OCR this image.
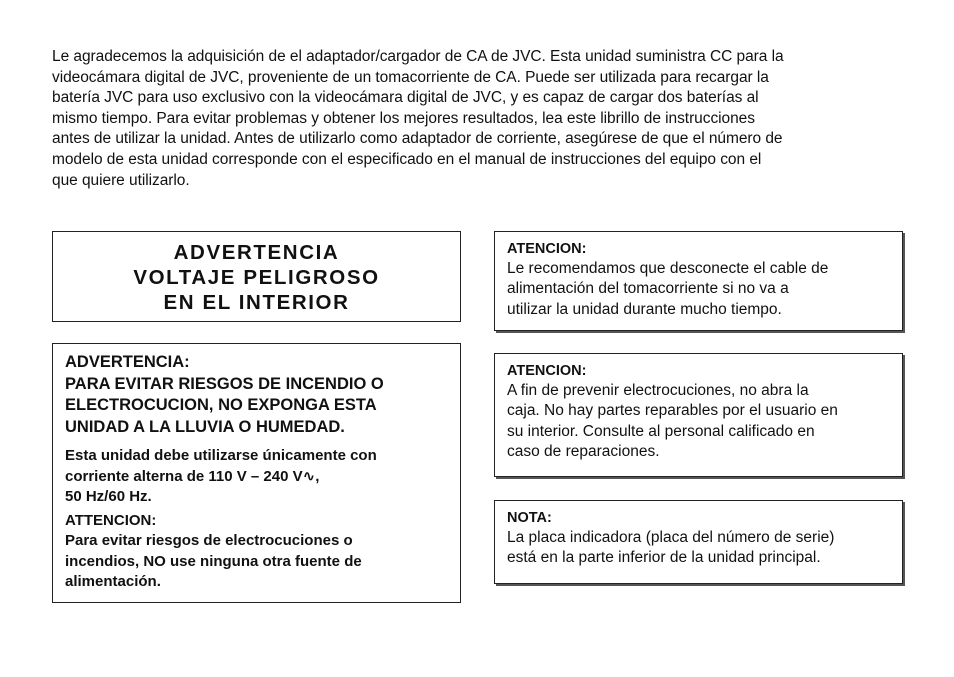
Le agradecemos la adquisición de el adaptador/cargador de CA de JVC. Esta unidad suministra CC para la
videocámara digital de JVC, proveniente de un tomacorriente de CA. Puede ser utilizada para recargar la
batería JVC para uso exclusivo con la videocámara digital de JVC, y es capaz de cargar dos baterías al
mismo tiempo. Para evitar problemas y obtener los mejores resultados, lea este librillo de instrucciones
antes de utilizar la unidad. Antes de utilizarlo como adaptador de corriente, asegúrese de que el número de
modelo de esta unidad corresponde con el especificado en el manual de instrucciones del equipo con el
que quiere utilizarlo.
ADVERTENCIA
VOLTAJE PELIGROSO
EN EL INTERIOR
ADVERTENCIA:
PARA EVITAR RIESGOS DE INCENDIO O
ELECTROCUCION, NO EXPONGA ESTA
UNIDAD A LA LLUVIA O HUMEDAD.
Esta unidad debe utilizarse únicamente con
corriente alterna de 110 V – 240 V∿,
50 Hz/60 Hz.
ATTENCION:
Para evitar riesgos de electrocuciones o
incendios, NO use ninguna otra fuente de
alimentación.
ATENCION:
Le recomendamos que desconecte el cable de
alimentación del tomacorriente si no va a
utilizar la unidad durante mucho tiempo.
ATENCION:
A fin de prevenir electrocuciones, no abra la
caja. No hay partes reparables por el usuario en
su interior. Consulte al personal calificado en
caso de reparaciones.
NOTA:
La placa indicadora (placa del número de serie)
está en la parte inferior de la unidad principal.
